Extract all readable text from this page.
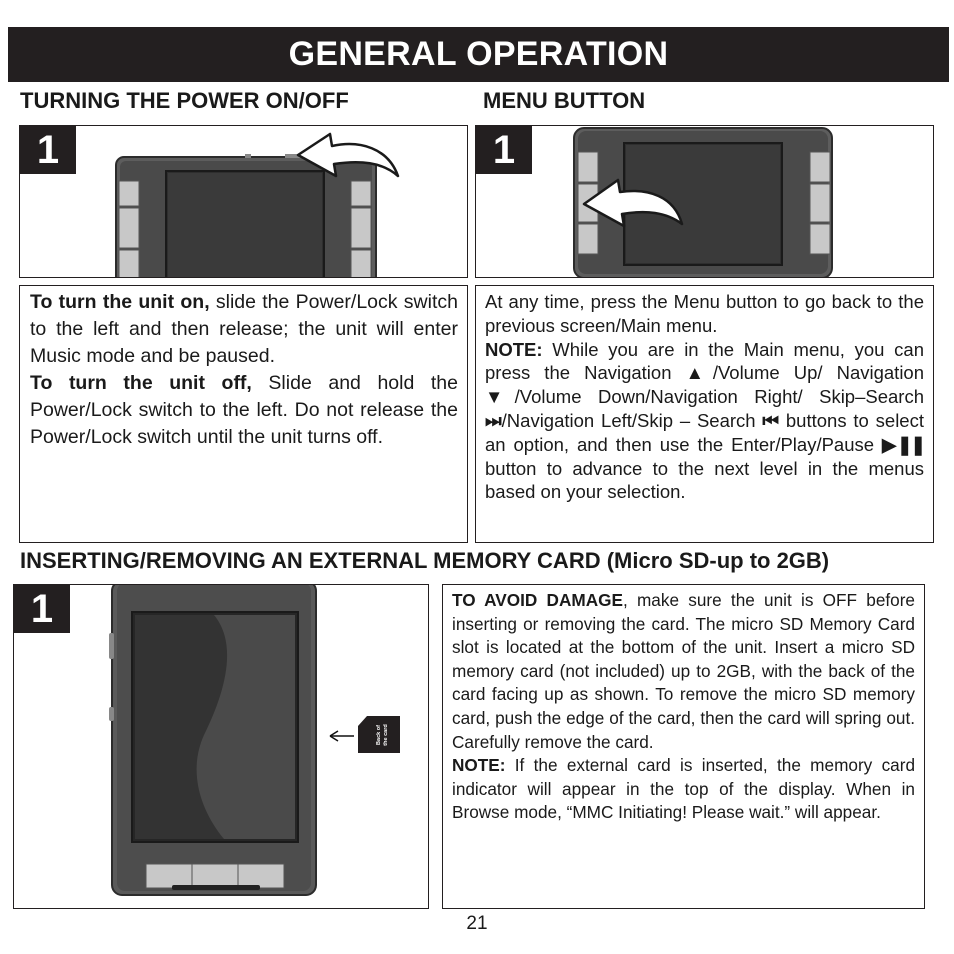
GENERAL OPERATION
TURNING THE POWER ON/OFF	MENU BUTTON
1	1

To turn the unit on, slide the Power/Lock switch to the left and then release; the unit will enter Music mode and be paused.

To turn the unit off, Slide and hold the Power/Lock switch to the left. Do not release the Power/Lock switch until the unit turns off.

At any time, press the Menu button to go back to the previous screen/Main menu.

NOTE: While you are in the Main menu, you can press the Navigation ▲/Volume Up/ Navigation ▼/Volume Down/Navigation Right/ Skip–Search ⏭/Navigation Left/Skip – Search ⏮ buttons to select an option, and then use the Enter/Play/Pause ▶❚❚ button to advance to the next level in the menus based on your selection.

INSERTING/REMOVING AN EXTERNAL MEMORY CARD (Micro SD-up to 2GB)
Back of the card
1	TO AVOID DAMAGE, make sure the unit is OFF before inserting or removing the card. The micro SD Memory Card slot is located at the bottom of the unit. Insert a micro SD memory card (not included) up to 2GB, with the back of the card facing up as shown. To remove the micro SD memory card, push the edge of the card, then the card will spring out. Carefully remove the card.

NOTE: If the external card is inserted, the memory card indicator will appear in the top of the display. When in Browse mode, “MMC Initiating! Please wait.” will appear.

21
